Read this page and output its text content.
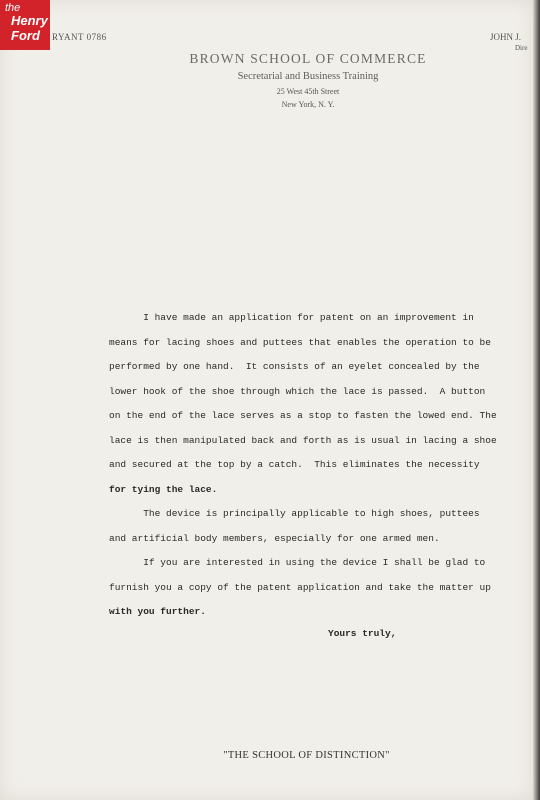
the
Henry
Ford RYANT 0786	JOHN J.
Dire
BROWN SCHOOL OF COMMERCE
Secretarial and Business Training
25 West 45th Street
New York, N. Y.

I have made an application for patent on an improvement in

means for lacing shoes and puttees that enables the operation to be

performed by one hand.  It consists of an eyelet concealed by the

lower hook of the shoe through which the lace is passed.  A button

on the end of the lace serves as a stop to fasten the lowed end. The

lace is then manipulated back and forth as is usual in lacing a shoe

and secured at the top by a catch.  This eliminates the necessity

for tying the lace.

The device is principally applicable to high shoes, puttees

and artificial body members, especially for one armed men.

If you are interested in using the device I shall be glad to

furnish you a copy of the patent application and take the matter up

with you further.

Yours truly,
"THE SCHOOL OF DISTINCTION"
